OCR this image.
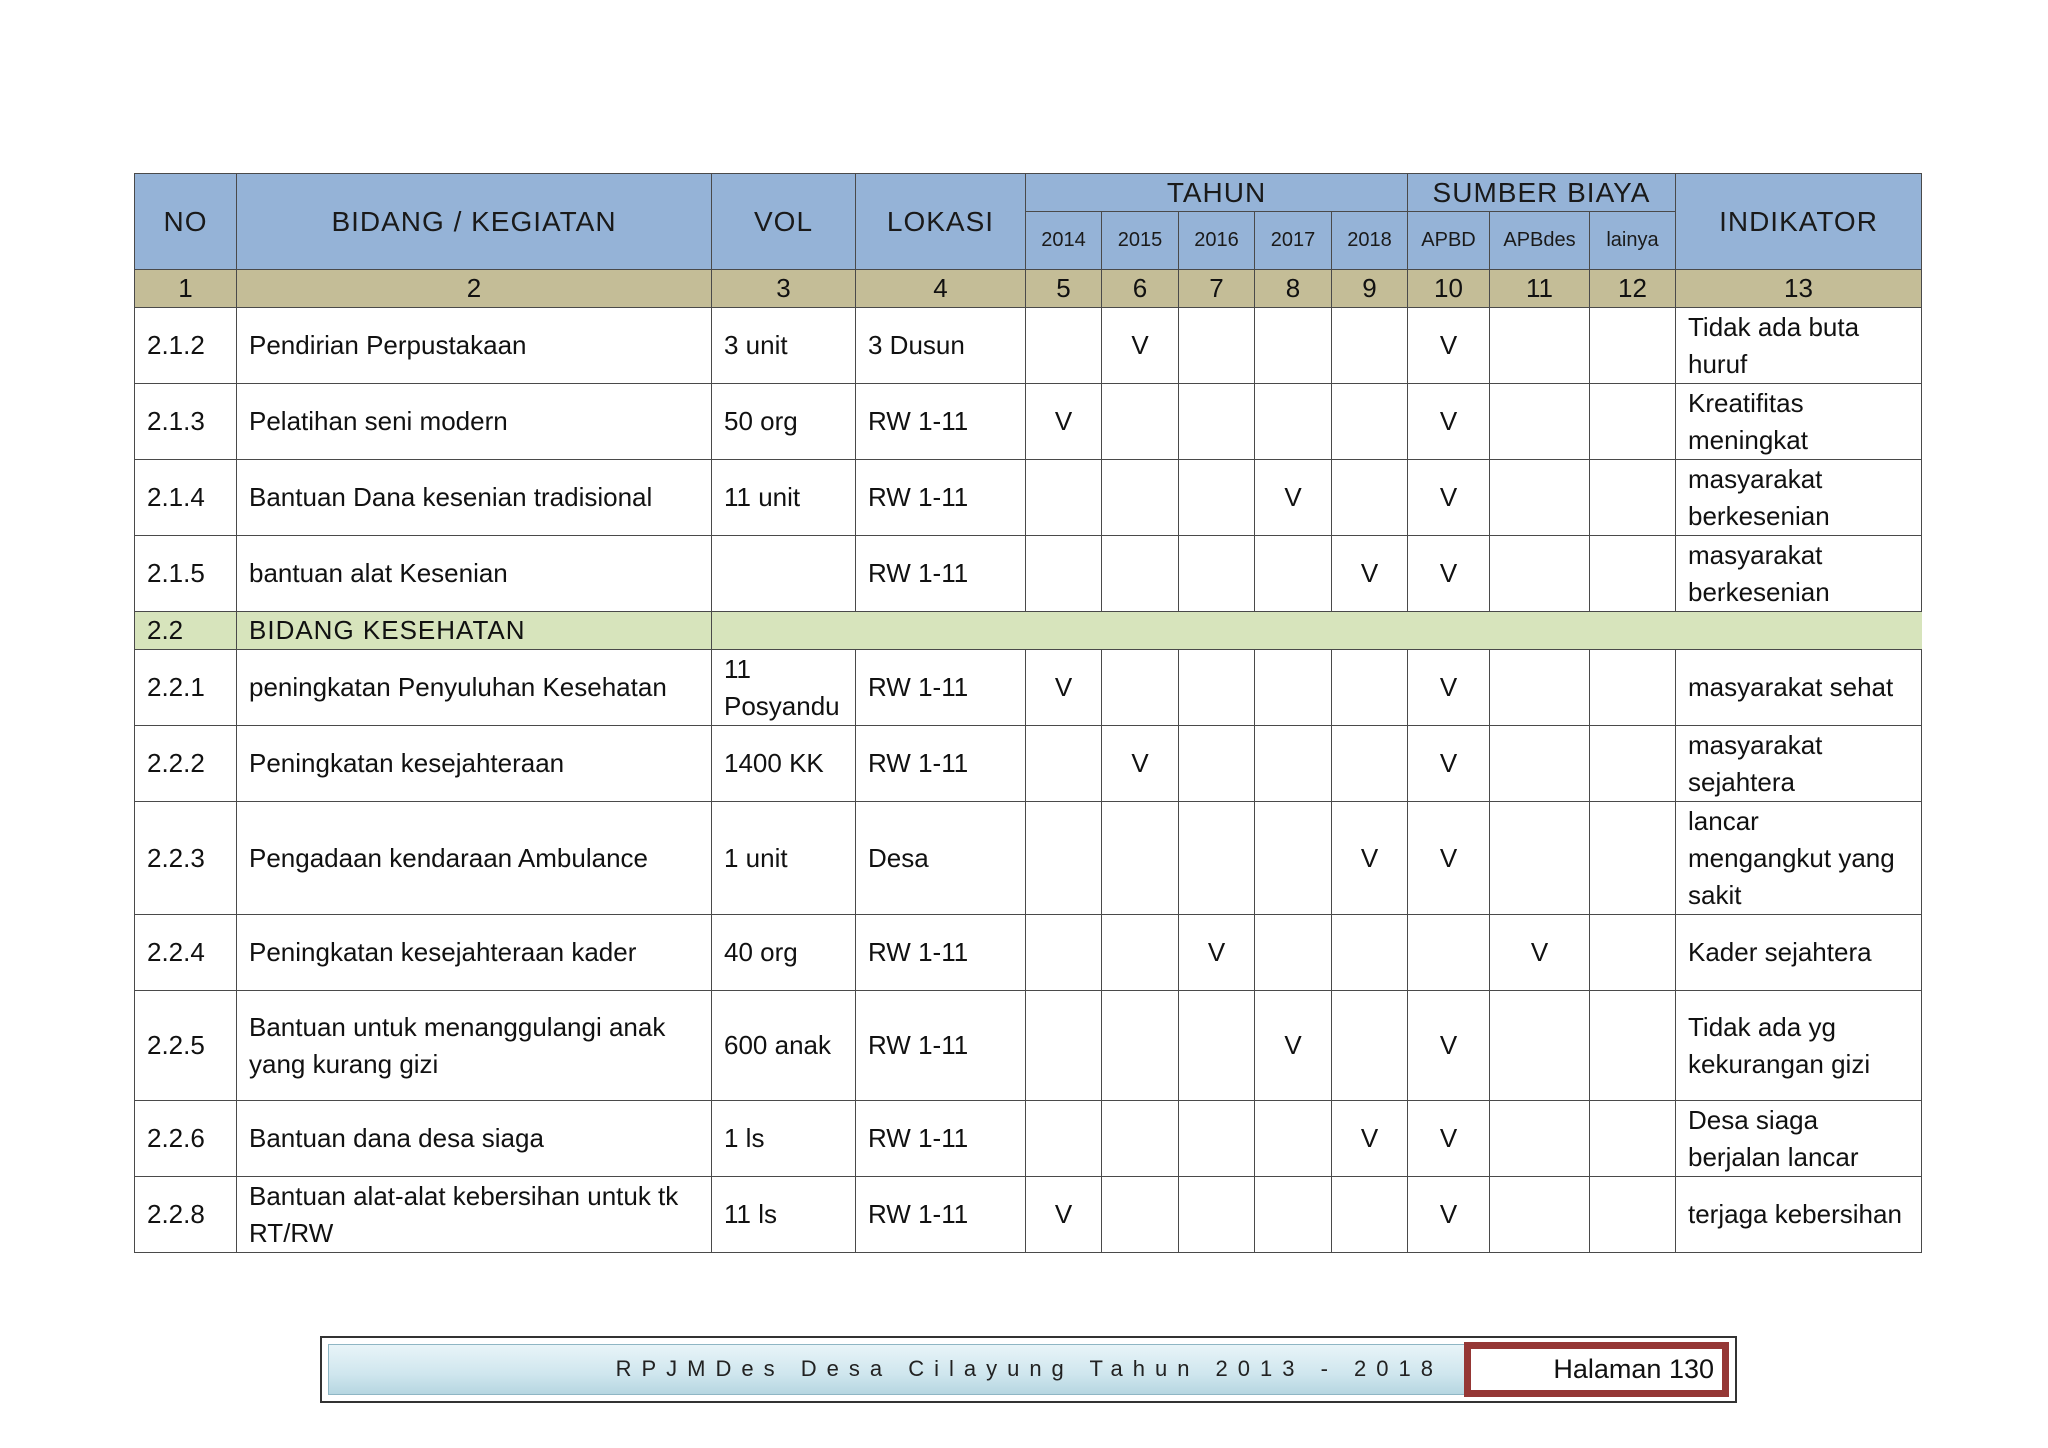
NO	BIDANG / KEGIATAN	VOL	LOKASI	TAHUN					SUMBER BIAYA			INDIKATOR
				2014	2015	2016	2017	2018	APBD	APBdes	lainya	
1	2	3	4	5	6	7	8	9	10	11	12	13
2.1.2	Pendirian Perpustakaan	3 unit	3 Dusun		V				V			Tidak ada buta huruf
2.1.3	Pelatihan seni modern	50 org	RW 1-11	V					V			Kreatifitas meningkat
2.1.4	Bantuan Dana kesenian tradisional	11 unit	RW 1-11				V		V			masyarakat berkesenian
2.1.5	bantuan alat Kesenian		RW 1-11					V	V			masyarakat berkesenian
2.2	BIDANG KESEHATAN											
2.2.1	peningkatan Penyuluhan Kesehatan	11 Posyandu	RW 1-11	V					V			masyarakat sehat
2.2.2	Peningkatan kesejahteraan	1400 KK	RW 1-11		V				V			masyarakat sejahtera
2.2.3	Pengadaan kendaraan Ambulance	1 unit	Desa					V	V			lancar mengangkut yang sakit
2.2.4	Peningkatan kesejahteraan kader	40 org	RW 1-11			V				V		Kader sejahtera
2.2.5	Bantuan untuk menanggulangi anak yang kurang gizi	600 anak	RW 1-11				V		V			Tidak ada yg kekurangan gizi
2.2.6	Bantuan dana desa siaga	1 ls	RW 1-11					V	V			Desa siaga berjalan lancar
2.2.8	Bantuan alat-alat kebersihan untuk tk RT/RW	11 ls	RW 1-11	V					V			terjaga kebersihan
RPJMDes Desa Cilayung Tahun 2013 - 2018	Halaman 130
